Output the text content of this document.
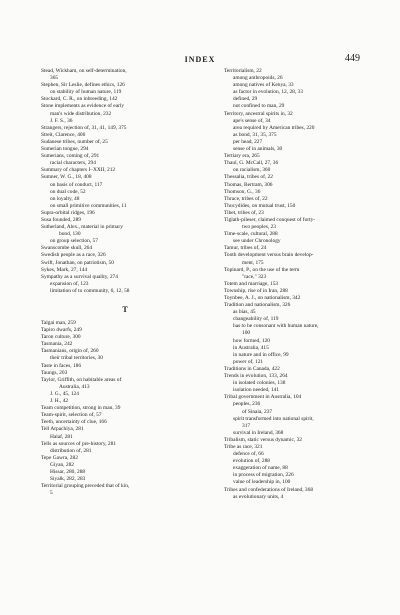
INDEX	449
Stead, Wickham, on self-determination,
365
Stephen, Sir Leslie, defines ethics, 126
on stability of human nature, 119
Stockard, C. R., on inbreeding, 142
Stone implements as evidence of early
man's wide distribution, 232
J. F. S., 36
Strangers, rejection of, 31, 41, 149, 375
Streit, Clarence, 406
Sudanese tribes, number of, 25
Sumerian tongue, 294
Sumerians, coming of, 291
racial characters, 294
Summary of chapters I–XXII, 212
Sumner, W. G., 18, 408
on basis of conduct, 117
on dual code, 52
on loyalty, 48
on small primitive communities, 11
Supra-orbital ridges, 196
Susa founded, 289
Sutherland, Alex., material in primary
bond, 130
on group selection, 57
Swanscombe skull, 264
Swedish people as a race, 326
Swift, Jonathan, on patriotism, 50
Sykes, Mark, 27, 144
Sympathy as a survival quality, 274
expansion of, 123
limitation of to community, 6, 12, 58
T
Talgai man, 259
Tapiro dwarfs, 249
Taron culture, 300
Tasmania, 242
Tasmanians, origin of, 260
their tribal territories, 30
Taste in faces, 186
Taungs, 203
Taylor, Griffith, on habitable areas of
Australia, 413
J. G., 45, 124
J. H., 42
Team competition, strong in man, 39
Team-spirit, selection of, 57
Teeth, uncertainty of clue, 166
Tell Arpachiya, 281
Halaf, 281
Tells as sources of pre-history, 281
distribution of, 281
Tepe Gawra, 282
Giyan, 282
Hissar, 280, 288
Siyalk, 282, 283
Territorial grouping preceded that of kin,
5
Territorialism, 22
among anthropoids, 26
among natives of Kenya, 33
as factor in evolution, 12, 28, 33
defined, 29
not confined to man, 29
Territory, ancestral spirits in, 32
ape's sense of, 34
area required by American tribes, 220
as bond, 31, 35, 375
per head, 227
sense of in animals, 30
Tertiary era, 265
Thaul, G. McCall, 27, 36
on racialism, 360
Thessalia, tribes of, 22
Thomas, Bertram, 306
Thomson, G., 36
Thrace, tribes of, 22
Thucydides, on mutual trust, 150
Tibet, tribes of, 23
Tiglath-pileser, claimed conquest of forty-
two peoples, 23
Time-scale, cultural, 288
see under Chronology
Tamur, tribes of, 24
Tooth development versus brain develop-
ment, 175
Topinard, P., on the use of the term
"race," 323
Totem and marriage, 153
Township, rise of in Iran, 288
Toynbee, A. J., on nationalism, 342
Tradition and nationalism, 326
as bias, 45
changeability of, 119
has to be consonant with human nature,
100
how formed, 120
in Australia, 415
in nature and in office, 99
power of, 121
Traditions in Canada, 422
Trends in evolution, 133, 264
in isolated colonies, 138
isolation needed, 141
Tribal government in Australia, 104
peoples, 236
of Sinaia, 237
spirit transformed into national spirit,
317
survival in Ireland, 368
Tribalism, static versus dynamic, 32
Tribe as race, 321
defence of, 66
evolution of, 288
exaggeration of name, 88
in process of migration, 226
value of leadership in, 100
Tribes and confederations of Ireland, 368
as evolutionary units, 4
